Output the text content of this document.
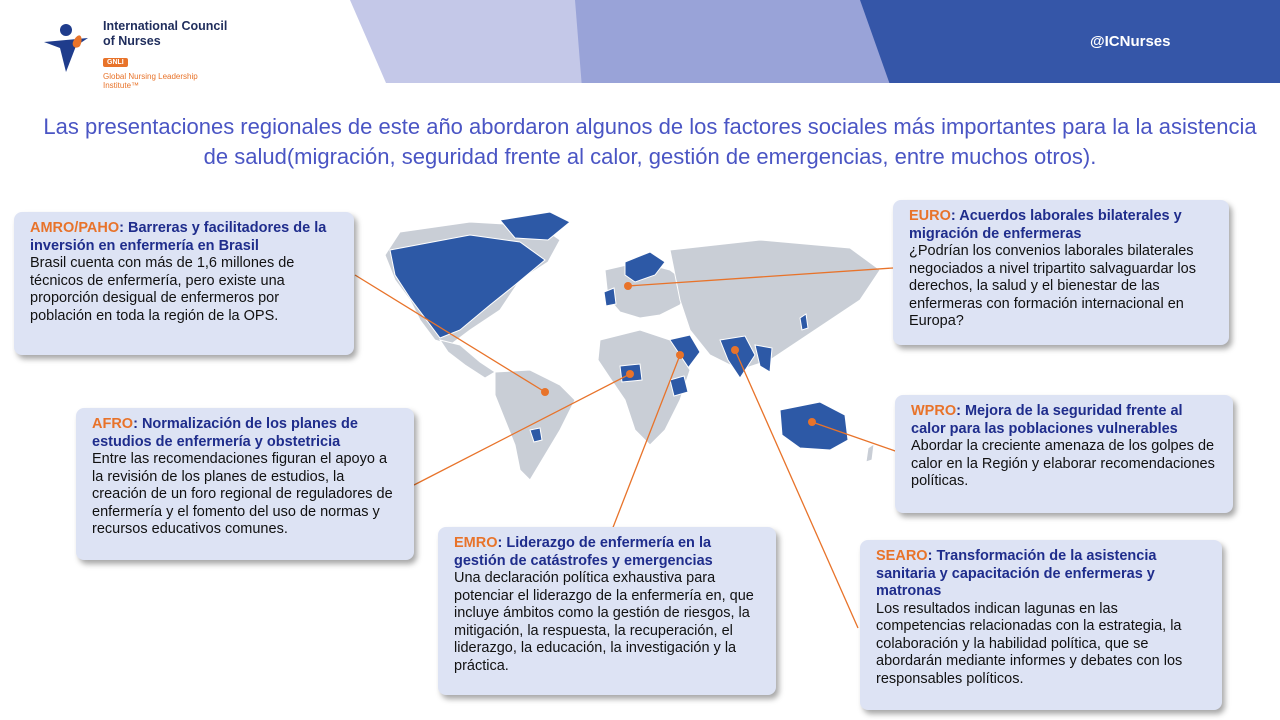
International Council of Nurses
GNLI
Global Nursing Leadership Institute™
@ICNurses
Las presentaciones regionales de este año abordaron algunos de los factores sociales más importantes para la la asistencia de salud(migración, seguridad frente al calor, gestión de emergencias, entre muchos otros).
AMRO/PAHO: Barreras y facilitadores de la inversión en enfermería en Brasil
Brasil cuenta con más de 1,6 millones de técnicos de enfermería, pero existe una proporción desigual de enfermeros por población en toda la región de la OPS.
EURO: Acuerdos laborales bilaterales y migración de enfermeras
¿Podrían los convenios laborales bilaterales negociados a nivel tripartito salvaguardar los derechos, la salud y el bienestar de las enfermeras con formación internacional en Europa?
AFRO: Normalización de los planes de estudios de enfermería y obstetricia
Entre las recomendaciones figuran el apoyo a la revisión de los planes de estudios, la creación de un foro regional de reguladores de enfermería y el fomento del uso de normas y recursos educativos comunes.
WPRO: Mejora de la seguridad frente al calor para las poblaciones vulnerables
Abordar la creciente amenaza de los golpes de calor en la Región y elaborar recomendaciones políticas.
EMRO: Liderazgo de enfermería en la gestión de catástrofes y emergencias
Una declaración política exhaustiva para potenciar el liderazgo de la enfermería en, que incluye ámbitos como la gestión de riesgos, la mitigación, la respuesta, la recuperación, el liderazgo, la educación, la investigación y la práctica.
SEARO: Transformación de la asistencia sanitaria y capacitación de enfermeras y matronas
Los resultados indican lagunas en las competencias relacionadas con la estrategia, la colaboración y la habilidad política, que se abordarán mediante informes y debates con los responsables políticos.
